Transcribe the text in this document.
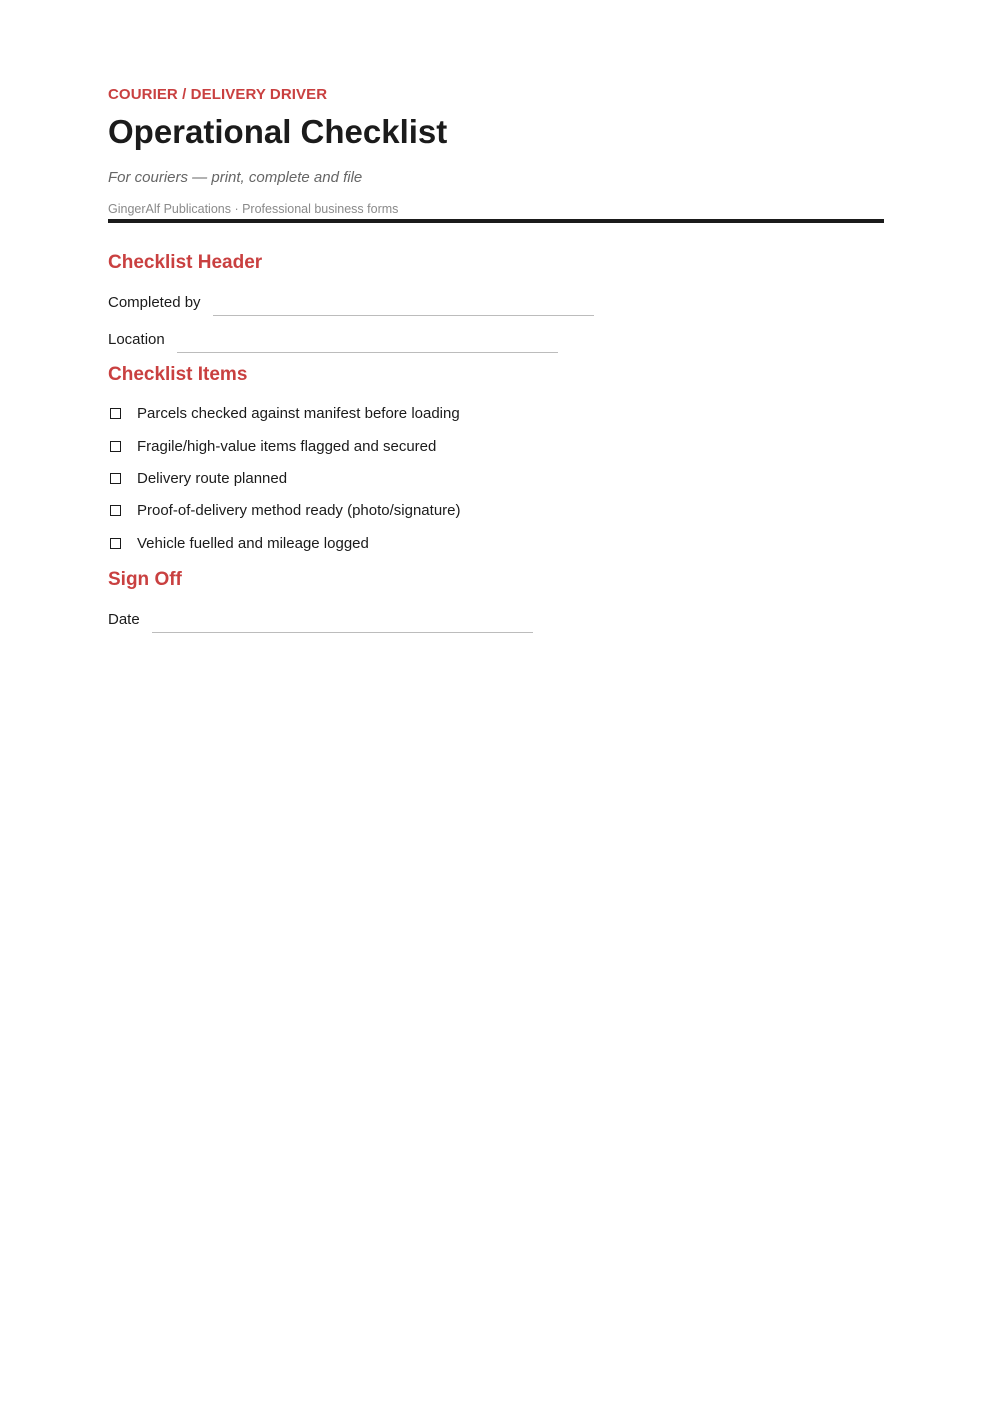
COURIER / DELIVERY DRIVER
Operational Checklist
For couriers — print, complete and file
GingerAlf Publications · Professional business forms
Checklist Header
Completed by
Location
Checklist Items
Parcels checked against manifest before loading
Fragile/high-value items flagged and secured
Delivery route planned
Proof-of-delivery method ready (photo/signature)
Vehicle fuelled and mileage logged
Sign Off
Date
